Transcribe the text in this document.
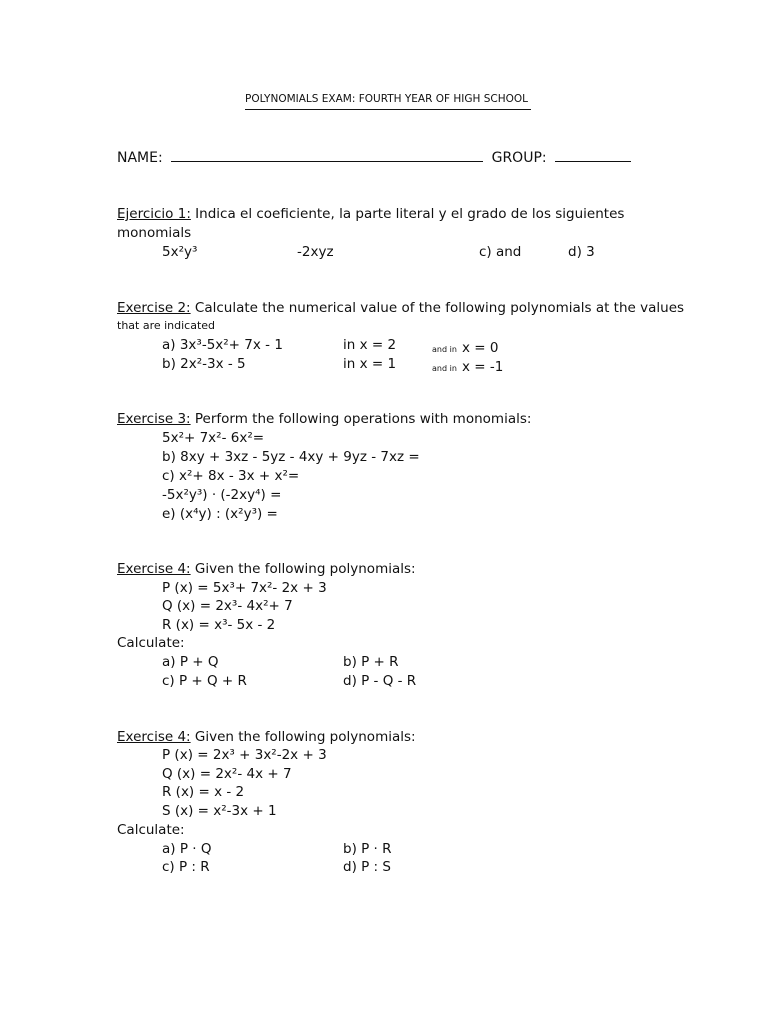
POLYNOMIALS EXAM: FOURTH YEAR OF HIGH SCHOOL
NAME:	GROUP:
Ejercicio 1: Indica el coeficiente, la parte literal y el grado de los siguientes
monomials
5x²y³	-2xyz	c) and	d) 3
Exercise 2: Calculate the numerical value of the following polynomials at the values
that are indicated
a) 3x³-5x²+ 7x - 1	in x = 2	and in x = 0
b) 2x²-3x - 5	in x = 1	and in x = -1
Exercise 3: Perform the following operations with monomials:
5x²+ 7x²- 6x²=
b) 8xy + 3xz - 5yz - 4xy + 9yz - 7xz =
c) x²+ 8x - 3x + x²=
-5x²y³) · (-2xy⁴) =
e) (x⁴y) : (x²y³) =
Exercise 4: Given the following polynomials:
P (x) = 5x³+ 7x²- 2x + 3
Q (x) = 2x³- 4x²+ 7
R (x) = x³- 5x - 2
Calculate:
a) P + Q	b) P + R
c) P + Q + R	d) P - Q - R
Exercise 4: Given the following polynomials:
P (x) = 2x³ + 3x²-2x + 3
Q (x) = 2x²- 4x + 7
R (x) = x - 2
S (x) = x²-3x + 1
Calculate:
a) P · Q	b) P · R
c) P : R	d) P : S
